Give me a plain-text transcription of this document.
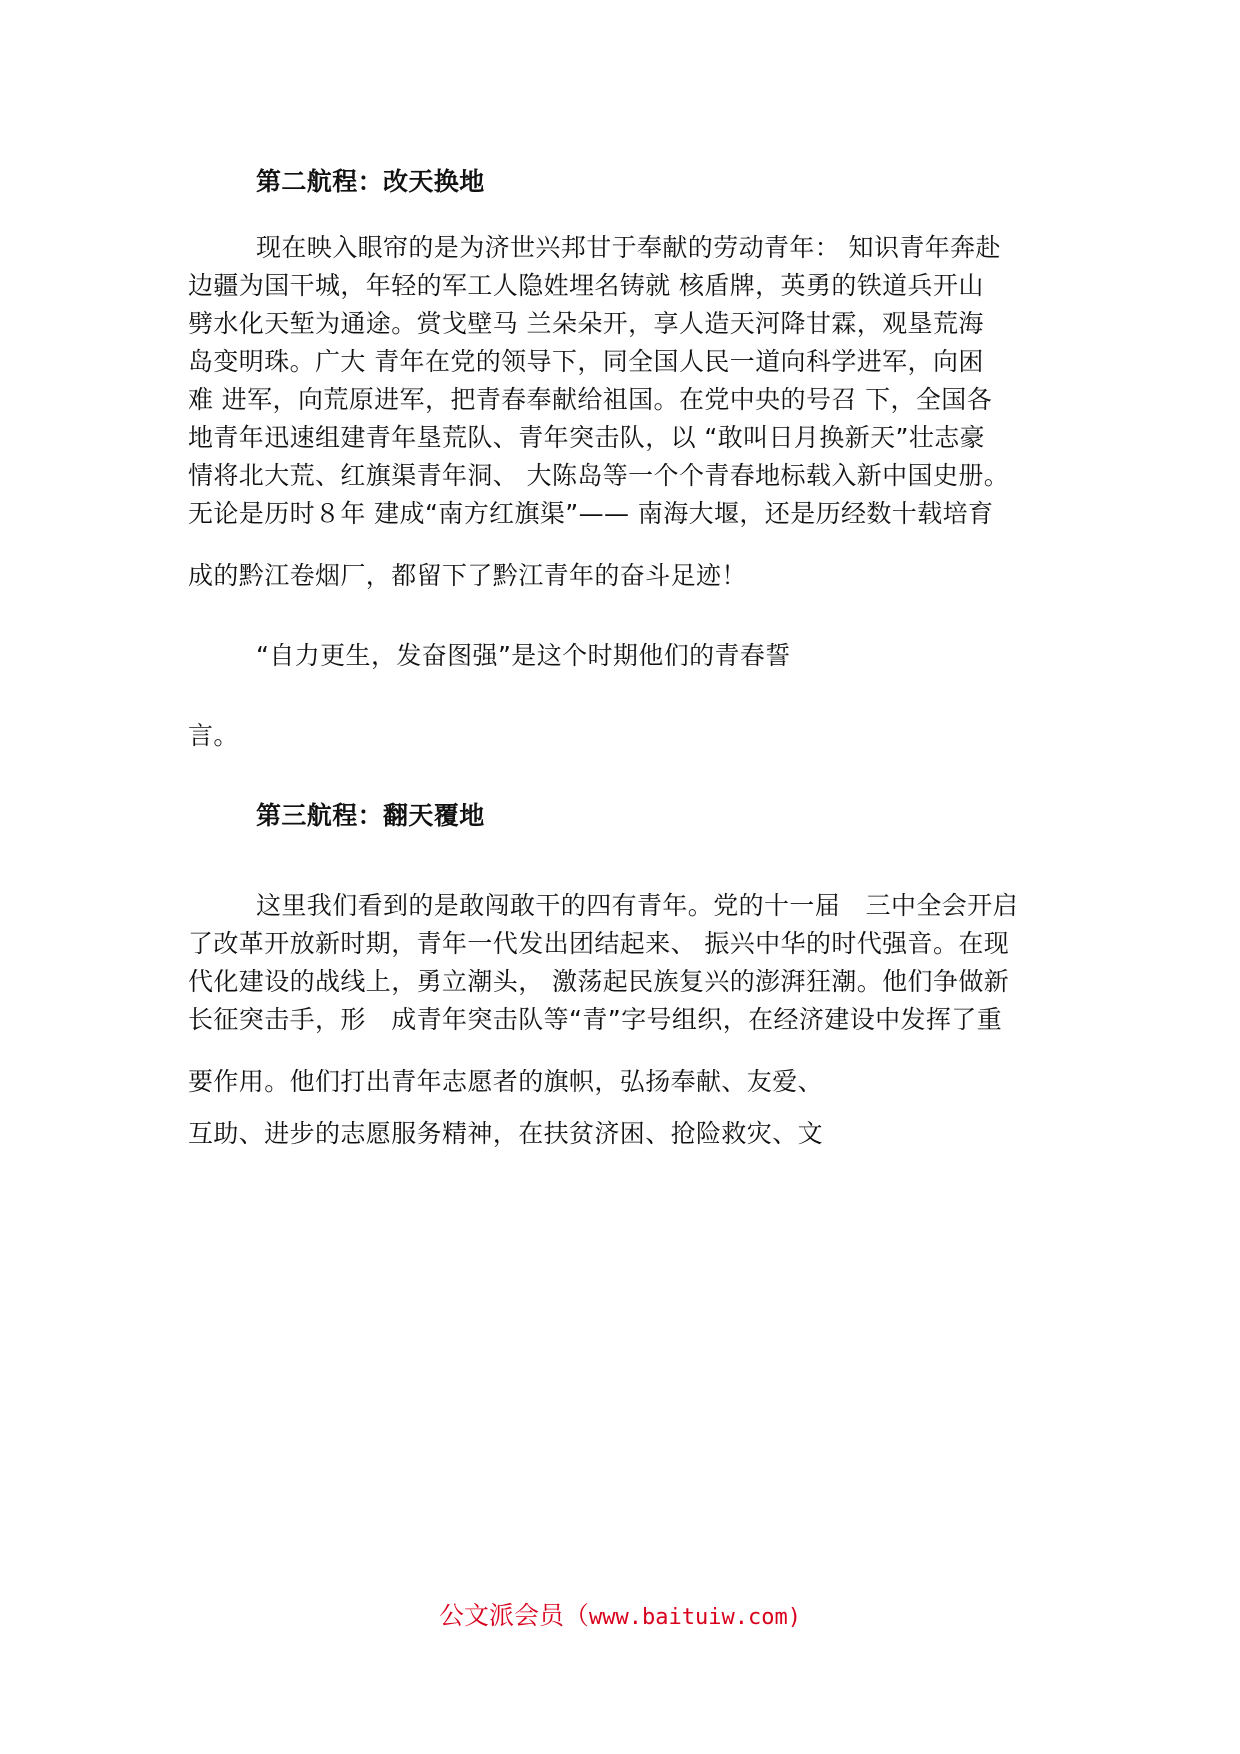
第二航程：改天换地
现在映入眼帘的是为济世兴邦甘于奉献的劳动青年： 知识青年奔赴
边疆为国干城，年轻的军工人隐姓埋名铸就 核盾牌，英勇的铁道兵开山
劈水化天堑为通途。赏戈壁马 兰朵朵开，享人造天河降甘霖，观垦荒海
岛变明珠。广大 青年在党的领导下，同全国人民一道向科学进军，向困
难 进军，向荒原进军，把青春奉献给祖国。在党中央的号召 下，全国各
地青年迅速组建青年垦荒队、青年突击队，以 “敢叫日月换新天”壮志豪
情将北大荒、红旗渠青年洞、 大陈岛等一个个青春地标载入新中国史册。
无论是历时８年 建成“南方红旗渠”—— 南海大堰，还是历经数十载培育
成的黔江卷烟厂，都留下了黔江青年的奋斗足迹！
“自力更生，发奋图强”是这个时期他们的青春誓
言。
第三航程：翻天覆地
这里我们看到的是敢闯敢干的四有青年。党的十一届　三中全会开启
了改革开放新时期，青年一代发出团结起来、 振兴中华的时代强音。在现
代化建设的战线上，勇立潮头， 激荡起民族复兴的澎湃狂潮。他们争做新
长征突击手，形　成青年突击队等“青”字号组织，在经济建设中发挥了重
要作用。他们打出青年志愿者的旗帜，弘扬奉献、友爱、
互助、进步的志愿服务精神，在扶贫济困、抢险救灾、文
公文派会员（www.baituiw.com)
